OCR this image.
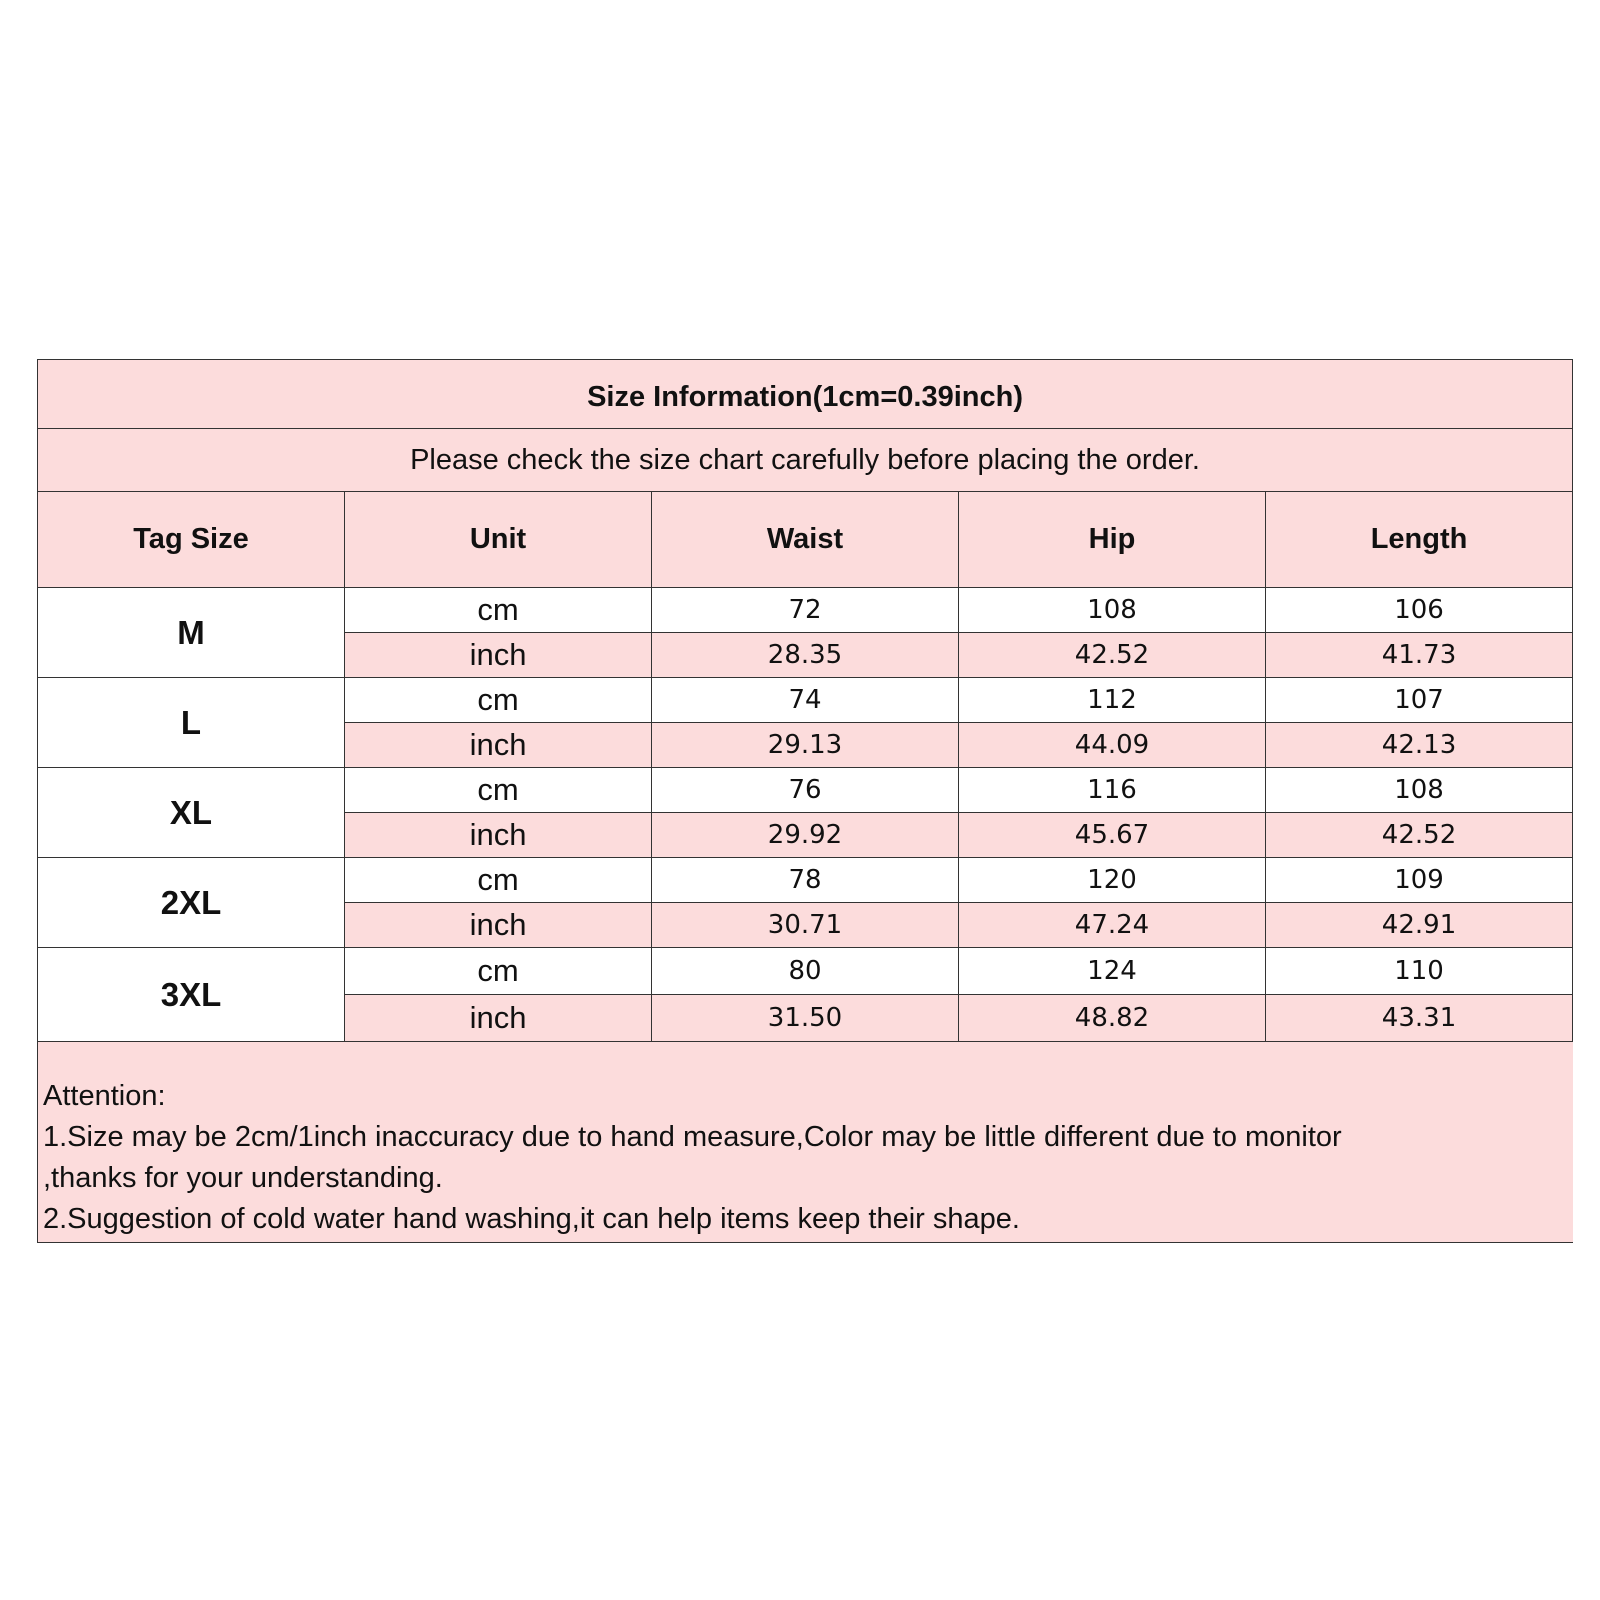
Size Information(1cm=0.39inch)				
Please check the size chart carefully before placing the order.				
Tag Size	Unit	Waist	Hip	Length
M	cm	72	108	106
	inch	28.35	42.52	41.73
L	cm	74	112	107
	inch	29.13	44.09	42.13
XL	cm	76	116	108
	inch	29.92	45.67	42.52
2XL	cm	78	120	109
	inch	30.71	47.24	42.91
3XL	cm	80	124	110
	inch	31.50	48.82	43.31

Attention:
1.Size may be 2cm/1inch inaccuracy due to hand measure,Color may be little different due to monitor
,thanks for your understanding.
2.Suggestion of cold water hand washing,it can help items keep their shape.				
